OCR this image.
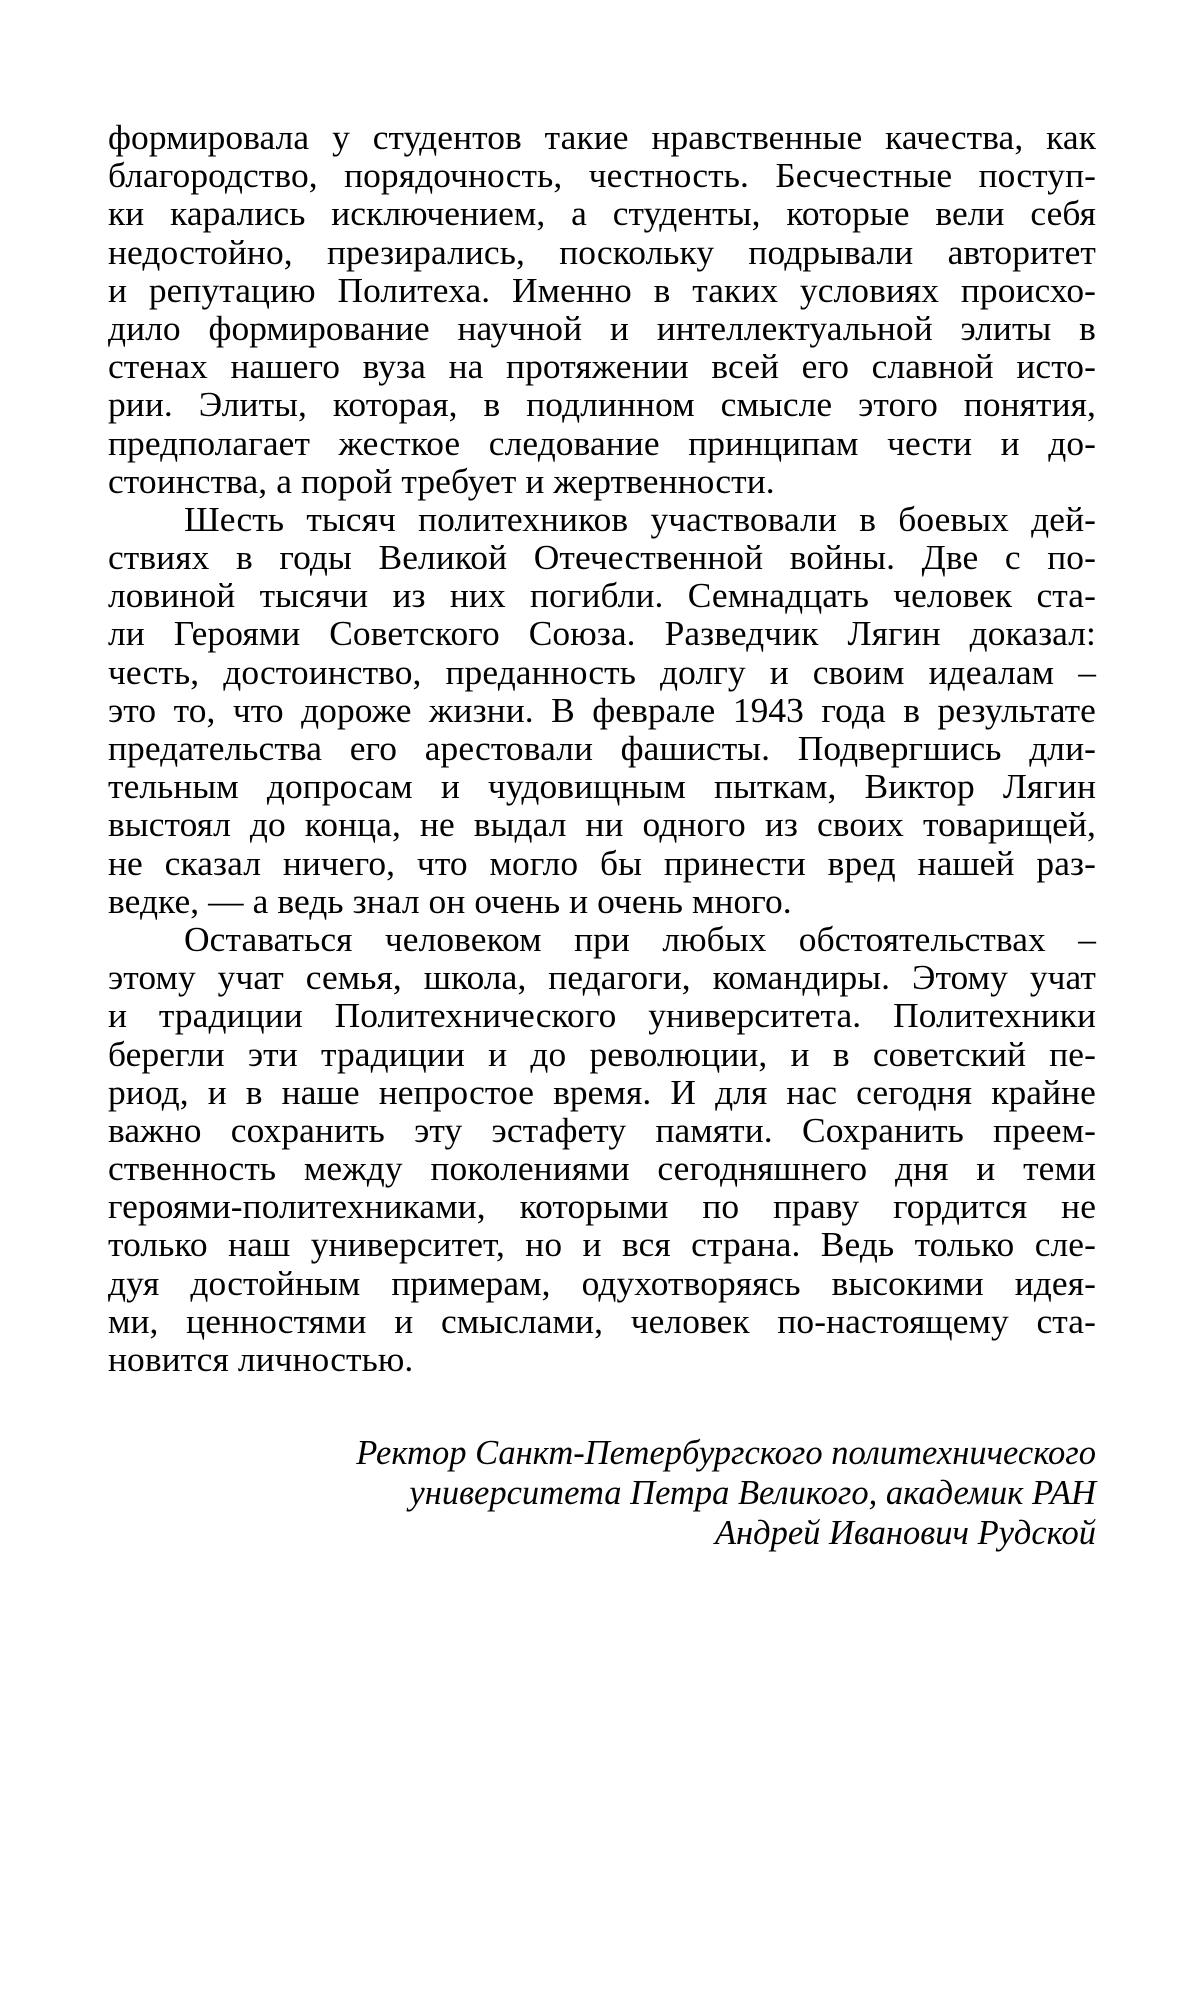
формировала у студентов такие нравственные качества, как
благородство, порядочность, честность. Бесчестные поступ-
ки карались исключением, а студенты, которые вели себя
недостойно, презирались, поскольку подрывали авторитет
и репутацию Политеха. Именно в таких условиях происхо-
дило формирование научной и интеллектуальной элиты в
стенах нашего вуза на протяжении всей его славной исто-
рии. Элиты, которая, в подлинном смысле этого понятия,
предполагает жесткое следование принципам чести и до-
стоинства, а порой требует и жертвенности.
Шесть тысяч политехников участвовали в боевых дей-
ствиях в годы Великой Отечественной войны. Две с по-
ловиной тысячи из них погибли. Семнадцать человек ста-
ли Героями Советского Союза. Разведчик Лягин доказал:
честь, достоинство, преданность долгу и своим идеалам –
это то, что дороже жизни. В феврале 1943 года в результате
предательства его арестовали фашисты. Подвергшись дли-
тельным допросам и чудовищным пыткам, Виктор Лягин
выстоял до конца, не выдал ни одного из своих товарищей,
не сказал ничего, что могло бы принести вред нашей раз-
ведке, — а ведь знал он очень и очень много.
Оставаться человеком при любых обстоятельствах –
этому учат семья, школа, педагоги, командиры. Этому учат
и традиции Политехнического университета. Политехники
берегли эти традиции и до революции, и в советский пе-
риод, и в наше непростое время. И для нас сегодня крайне
важно сохранить эту эстафету памяти. Сохранить преем-
ственность между поколениями сегодняшнего дня и теми
героями-политехниками, которыми по праву гордится не
только наш университет, но и вся страна. Ведь только сле-
дуя достойным примерам, одухотворяясь высокими идея-
ми, ценностями и смыслами, человек по-настоящему ста-
новится личностью.
Ректор Санкт-Петербургского политехнического
университета Петра Великого, академик РАН
Андрей Иванович Рудской
